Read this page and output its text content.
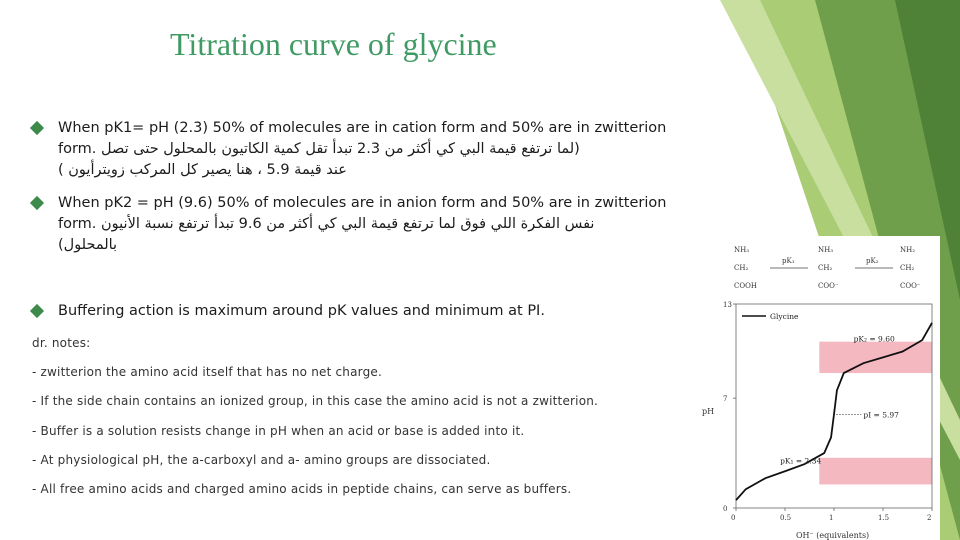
Titration curve of glycine
When pK1= pH (2.3) 50% of molecules are in cation form and 50% are in zwitterion
form. لما ترتفع قيمة البي كي أكثر من 2.3 تبدأ تقل كمية الكاتيون بالمحلول حتى تصل)
عند قيمة 5.9 ، هنا يصير كل المركب زويترأيون )
When pK2 = pH (9.6) 50% of molecules are in anion form and 50% are in zwitterion
form. نفس الفكرة اللي فوق لما ترتفع قيمة البي كي أكثر من 9.6 تبدأ ترتفع نسبة الأنيون
بالمحلول)
Buffering action is maximum around pK values and minimum at PI.
dr. notes:
- zwitterion the amino acid itself that has no net charge.
- If the side chain contains an ionized group, in this case the amino acid is not a zwitterion.
- Buffer is a solution resists change in pH when an acid or base is added into it.
- At physiological pH, the a-carboxyl and a- amino groups are dissociated.
- All free amino acids and charged amino acids in peptide chains, can serve as buffers.
NH₃
CH₂
COOH
NH₃
CH₂
COO⁻
NH₂
CH₂
COO⁻
pK₁	pK₂
0	0.5	1	1.5	2
0
7
13
Glycine
pK₂ = 9.60
pI = 5.97
pK₁ = 2.34
pH
OH⁻ (equivalents)
